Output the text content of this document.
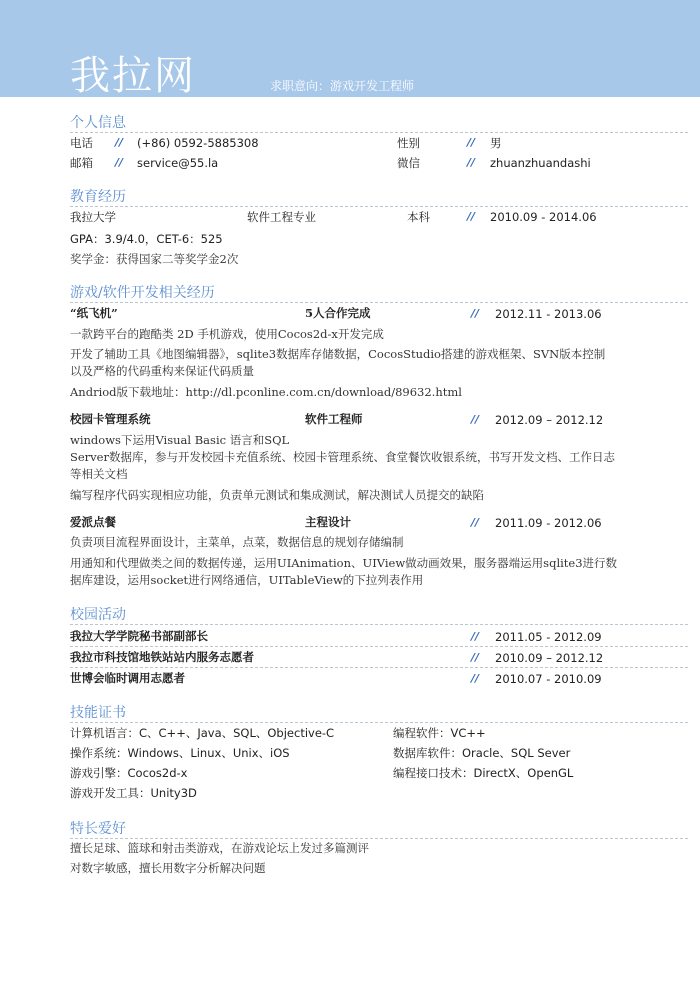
我拉网	求职意向：游戏开发工程师
个人信息
电话 // (+86) 0592-5885308	性别	// 男
邮箱 // service@55.la	微信	// zhuanzhuandashi
教育经历
我拉大学	软件工程专业	本科	// 2010.09 - 2014.06
GPA：3.9/4.0，CET-6：525
奖学金：获得国家二等奖学金2次
游戏/软件开发相关经历
“纸飞机”	5人合作完成	// 2012.11 - 2013.06
一款跨平台的跑酷类 2D 手机游戏，使用Cocos2d-x开发完成
开发了辅助工具《地图编辑器》，sqlite3数据库存储数据，CocosStudio搭建的游戏框架、SVN版本控制
以及严格的代码重构来保证代码质量
Andriod版下载地址：http://dl.pconline.com.cn/download/89632.html
校园卡管理系统	软件工程师	// 2012.09 – 2012.12
windows下运用Visual Basic 语言和SQL
Server数据库，参与开发校园卡充值系统、校园卡管理系统、食堂餐饮收银系统，书写开发文档、工作日志
等相关文档
编写程序代码实现相应功能，负责单元测试和集成测试，解决测试人员提交的缺陷
爱派点餐	主程设计	// 2011.09 - 2012.06
负责项目流程界面设计，主菜单，点菜，数据信息的规划存储编制
用通知和代理做类之间的数据传递，运用UIAnimation、UIView做动画效果，服务器端运用sqlite3进行数
据库建设，运用socket进行网络通信，UITableView的下拉列表作用
校园活动
我拉大学学院秘书部副部长	// 2011.05 - 2012.09
我拉市科技馆地铁站站内服务志愿者	// 2010.09 – 2012.12
世博会临时调用志愿者	// 2010.07 - 2010.09
技能证书
计算机语言：C、C++、Java、SQL、Objective-C	编程软件：VC++
操作系统：Windows、Linux、Unix、iOS	数据库软件：Oracle、SQL Sever
游戏引擎：Cocos2d-x	编程接口技术：DirectX、OpenGL
游戏开发工具：Unity3D
特长爱好
擅长足球、篮球和射击类游戏，在游戏论坛上发过多篇测评
对数字敏感，擅长用数字分析解决问题
